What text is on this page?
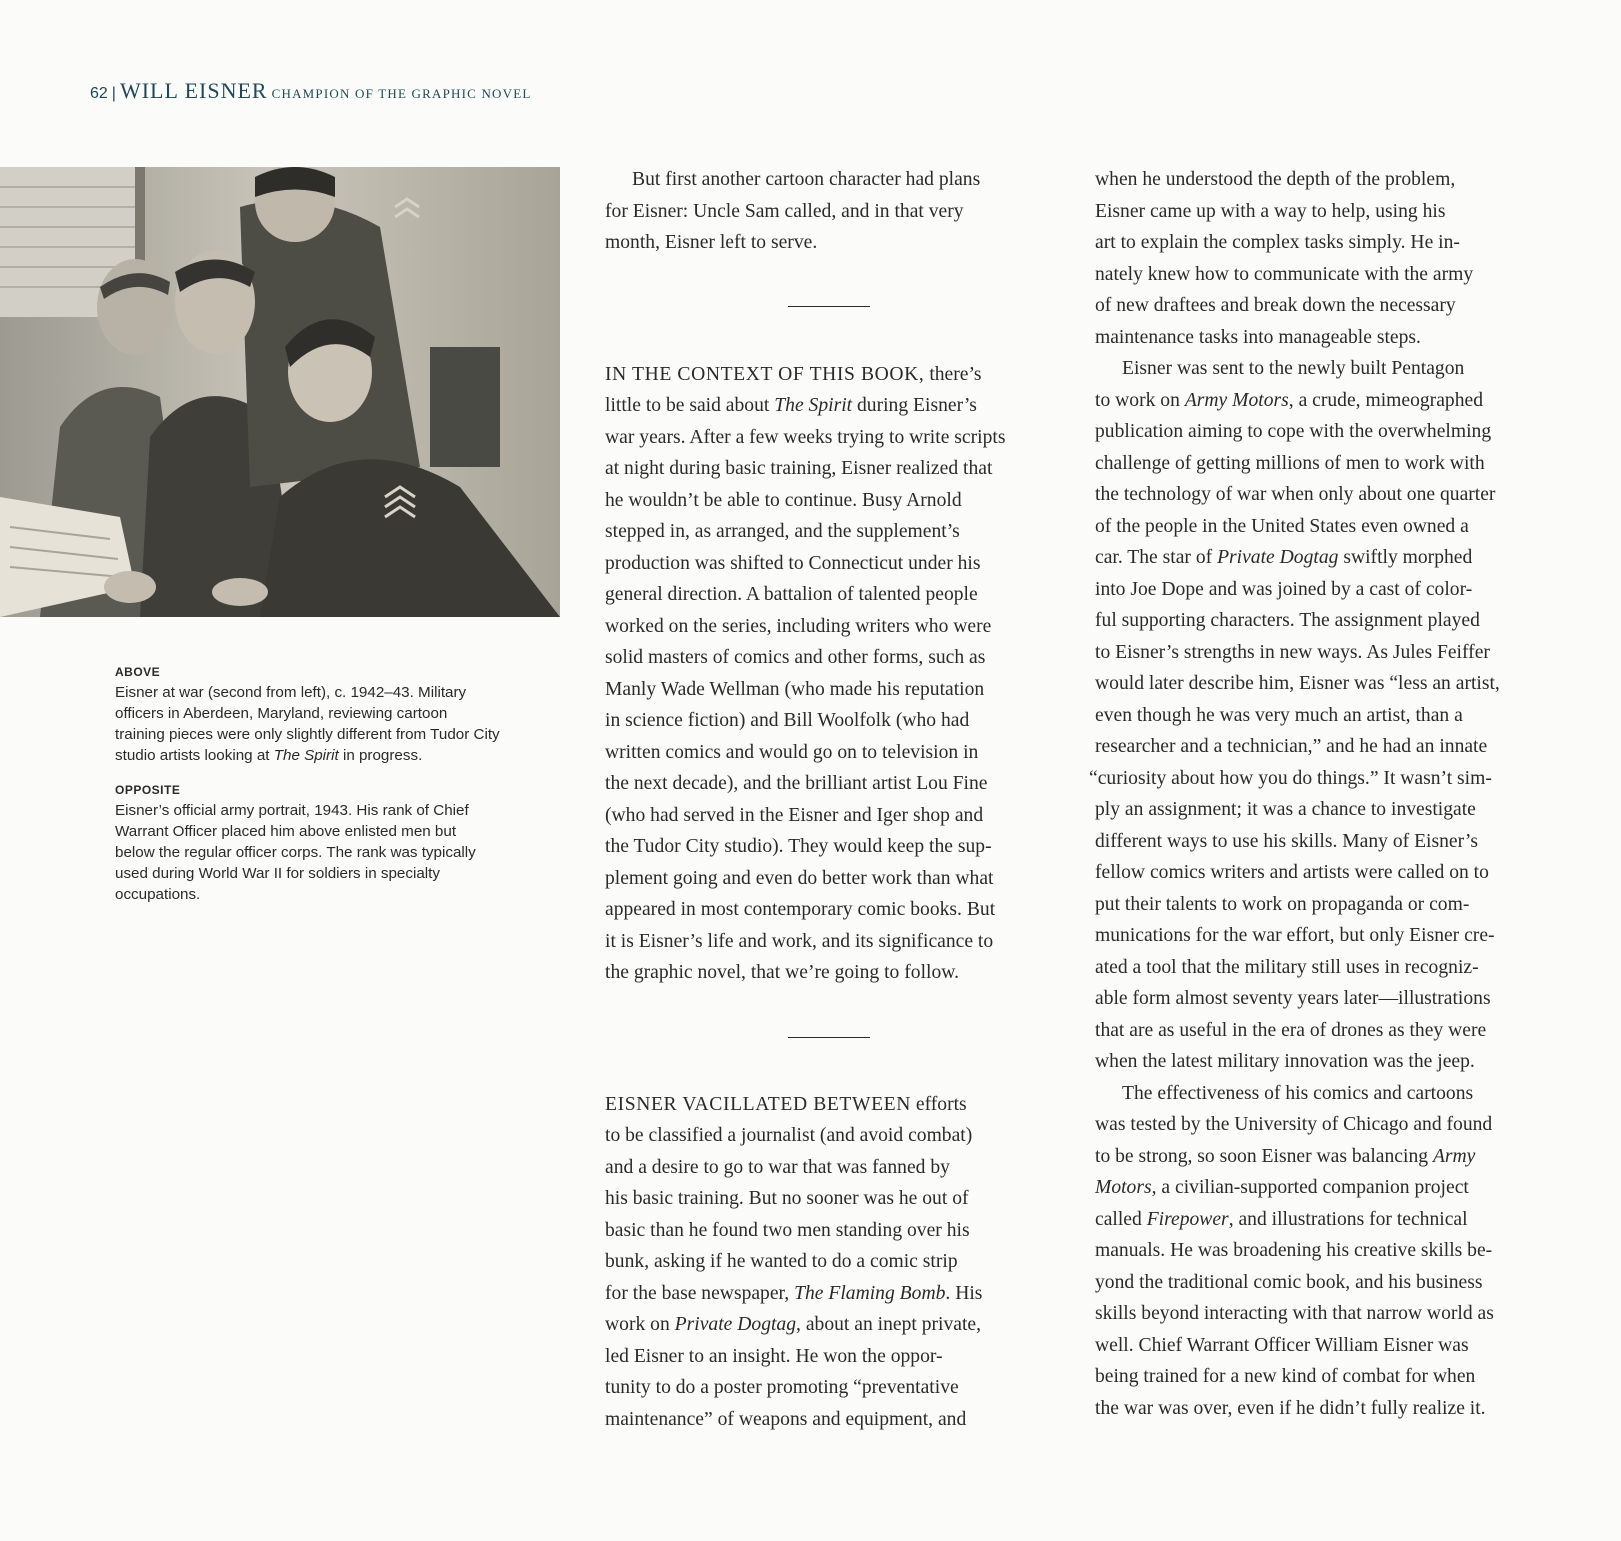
62 | WILL EISNER CHAMPION OF THE GRAPHIC NOVEL
ABOVE

Eisner at war (second from left), c. 1942–43. Military
officers in Aberdeen, Maryland, reviewing cartoon
training pieces were only slightly different from Tudor City
studio artists looking at The Spirit in progress.

OPPOSITE

Eisner’s official army portrait, 1943. His rank of Chief
Warrant Officer placed him above enlisted men but
below the regular officer corps. The rank was typically
used during World War II for soldiers in specialty
occupations.

But first another cartoon character had plans
for Eisner: Uncle Sam called, and in that very
month, Eisner left to serve.

IN THE CONTEXT OF THIS BOOK, there’s
little to be said about The Spirit during Eisner’s
war years. After a few weeks trying to write scripts
at night during basic training, Eisner realized that
he wouldn’t be able to continue. Busy Arnold
stepped in, as arranged, and the supplement’s
production was shifted to Connecticut under his
general direction. A battalion of talented people
worked on the series, including writers who were
solid masters of comics and other forms, such as
Manly Wade Wellman (who made his reputation
in science fiction) and Bill Woolfolk (who had
written comics and would go on to television in
the next decade), and the brilliant artist Lou Fine
(who had served in the Eisner and Iger shop and
the Tudor City studio). They would keep the sup-
plement going and even do better work than what
appeared in most contemporary comic books. But
it is Eisner’s life and work, and its significance to
the graphic novel, that we’re going to follow.

EISNER VACILLATED BETWEEN efforts
to be classified a journalist (and avoid combat)
and a desire to go to war that was fanned by
his basic training. But no sooner was he out of
basic than he found two men standing over his
bunk, asking if he wanted to do a comic strip
for the base newspaper, The Flaming Bomb. His
work on Private Dogtag, about an inept private,
led Eisner to an insight. He won the oppor-
tunity to do a poster promoting “preventative
maintenance” of weapons and equipment, and

when he understood the depth of the problem,
Eisner came up with a way to help, using his
art to explain the complex tasks simply. He in-
nately knew how to communicate with the army
of new draftees and break down the necessary
maintenance tasks into manageable steps.

Eisner was sent to the newly built Pentagon
to work on Army Motors, a crude, mimeographed
publication aiming to cope with the overwhelming
challenge of getting millions of men to work with
the technology of war when only about one quarter
of the people in the United States even owned a
car. The star of Private Dogtag swiftly morphed
into Joe Dope and was joined by a cast of color-
ful supporting characters. The assignment played
to Eisner’s strengths in new ways. As Jules Feiffer
would later describe him, Eisner was “less an artist,
even though he was very much an artist, than a
researcher and a technician,” and he had an innate
“curiosity about how you do things.” It wasn’t sim-
ply an assignment; it was a chance to investigate
different ways to use his skills. Many of Eisner’s
fellow comics writers and artists were called on to
put their talents to work on propaganda or com-
munications for the war effort, but only Eisner cre-
ated a tool that the military still uses in recogniz-
able form almost seventy years later—illustrations
that are as useful in the era of drones as they were
when the latest military innovation was the jeep.

The effectiveness of his comics and cartoons
was tested by the University of Chicago and found
to be strong, so soon Eisner was balancing Army
Motors, a civilian-supported companion project
called Firepower, and illustrations for technical
manuals. He was broadening his creative skills be-
yond the traditional comic book, and his business
skills beyond interacting with that narrow world as
well. Chief Warrant Officer William Eisner was
being trained for a new kind of combat for when
the war was over, even if he didn’t fully realize it.
